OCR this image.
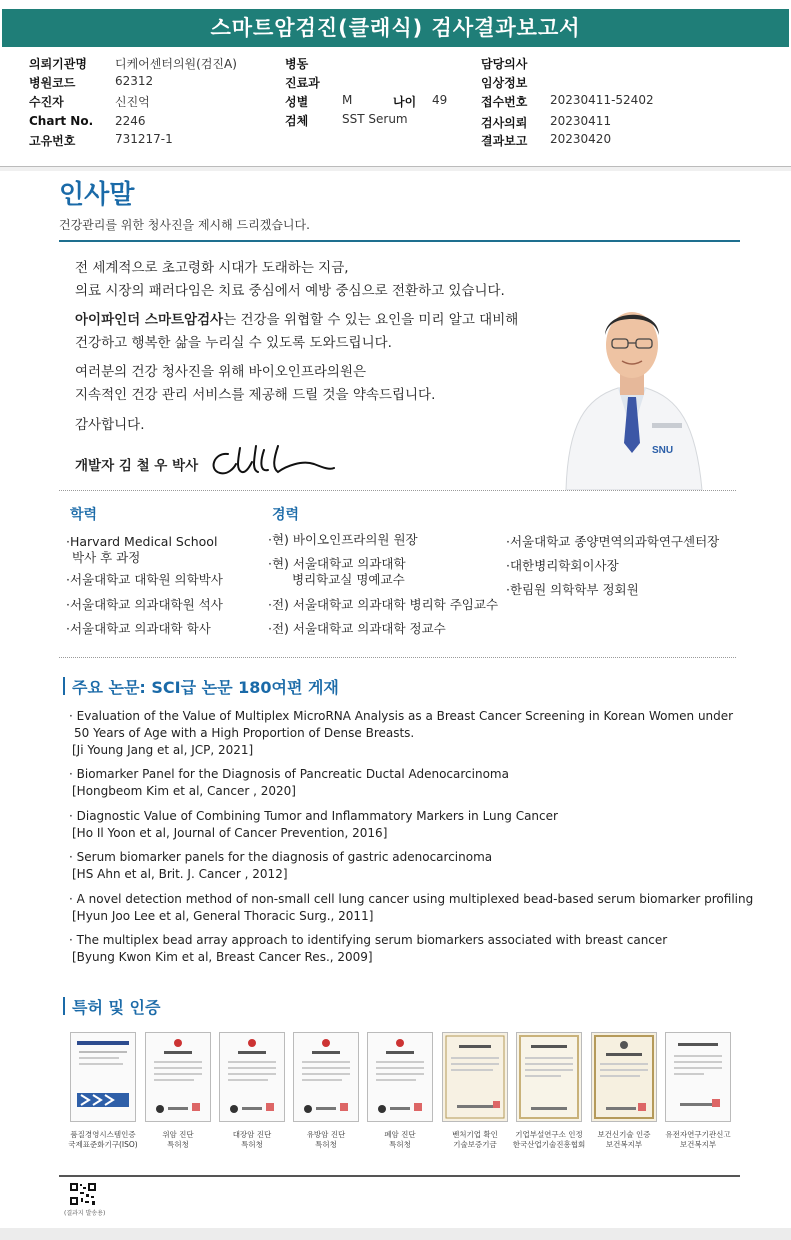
스마트암검진(클래식) 검사결과보고서
의뢰기관명 디케어센터의원(검진A)
병원코드	62312
수진자	신진억
Chart No. 2246
고유번호	731217-1
병동
진료과
성별	M
검체	SST Serum
나이 49
담당의사
임상정보
접수번호 20230411-52402
검사의뢰 20230411
결과보고 20230420
인사말
건강관리를 위한 청사진을 제시해 드리겠습니다.
전 세계적으로 초고령화 시대가 도래하는 지금,
의료 시장의 패러다임은 치료 중심에서 예방 중심으로 전환하고 있습니다.
아이파인더 스마트암검사는 건강을 위협할 수 있는 요인을 미리 알고 대비해
건강하고 행복한 삶을 누리실 수 있도록 도와드립니다.
여러분의 건강 청사진을 위해 바이오인프라의원은
지속적인 건강 관리 서비스를 제공해 드릴 것을 약속드립니다.
감사합니다.
개발자 김 철 우 박사
SNU
학력	경력
·Harvard Medical School
박사 후 과정
·서울대학교 대학원 의학박사
·서울대학교 의과대학원 석사
·서울대학교 의과대학 학사
·현) 바이오인프라의원 원장
·현) 서울대학교 의과대학
병리학교실 명예교수
·전) 서울대학교 의과대학 병리학 주임교수
·전) 서울대학교 의과대학 정교수
·서울대학교 종양면역의과학연구센터장
·대한병리학회이사장
·한림원 의학학부 정회원
주요 논문: SCI급 논문 180여편 게재
· Evaluation of the Value of Multiplex MicroRNA Analysis as a Breast Cancer Screening in Korean Women under
50 Years of Age with a High Proportion of Dense Breasts.
[Ji Young Jang et al, JCP, 2021]
· Biomarker Panel for the Diagnosis of Pancreatic Ductal Adenocarcinoma
[Hongbeom Kim et al, Cancer , 2020]
· Diagnostic Value of Combining Tumor and Inflammatory Markers in Lung Cancer
[Ho Il Yoon et al, Journal of Cancer Prevention, 2016]
· Serum biomarker panels for the diagnosis of gastric adenocarcinoma
[HS Ahn et al, Brit. J. Cancer , 2012]
· A novel detection method of non-small cell lung cancer using multiplexed bead-based serum biomarker profiling
[Hyun Joo Lee et al, General Thoracic Surg., 2011]
· The multiplex bead array approach to identifying serum biomarkers associated with breast cancer
[Byung Kwon Kim et al, Breast Cancer Res., 2009]
특허 및 인증
품질경영시스템인증
국제표준화기구(ISO)
위암 진단
특허청
대장암 진단
특허청
유방암 진단
특허청
폐암 진단
특허청
벤처기업 확인
기술보증기금
기업부설연구소 인정
한국산업기술진흥협회
보건신기술 인증
보건복지부
유전자연구기관신고
보건복지부
(결과지 발송용)
